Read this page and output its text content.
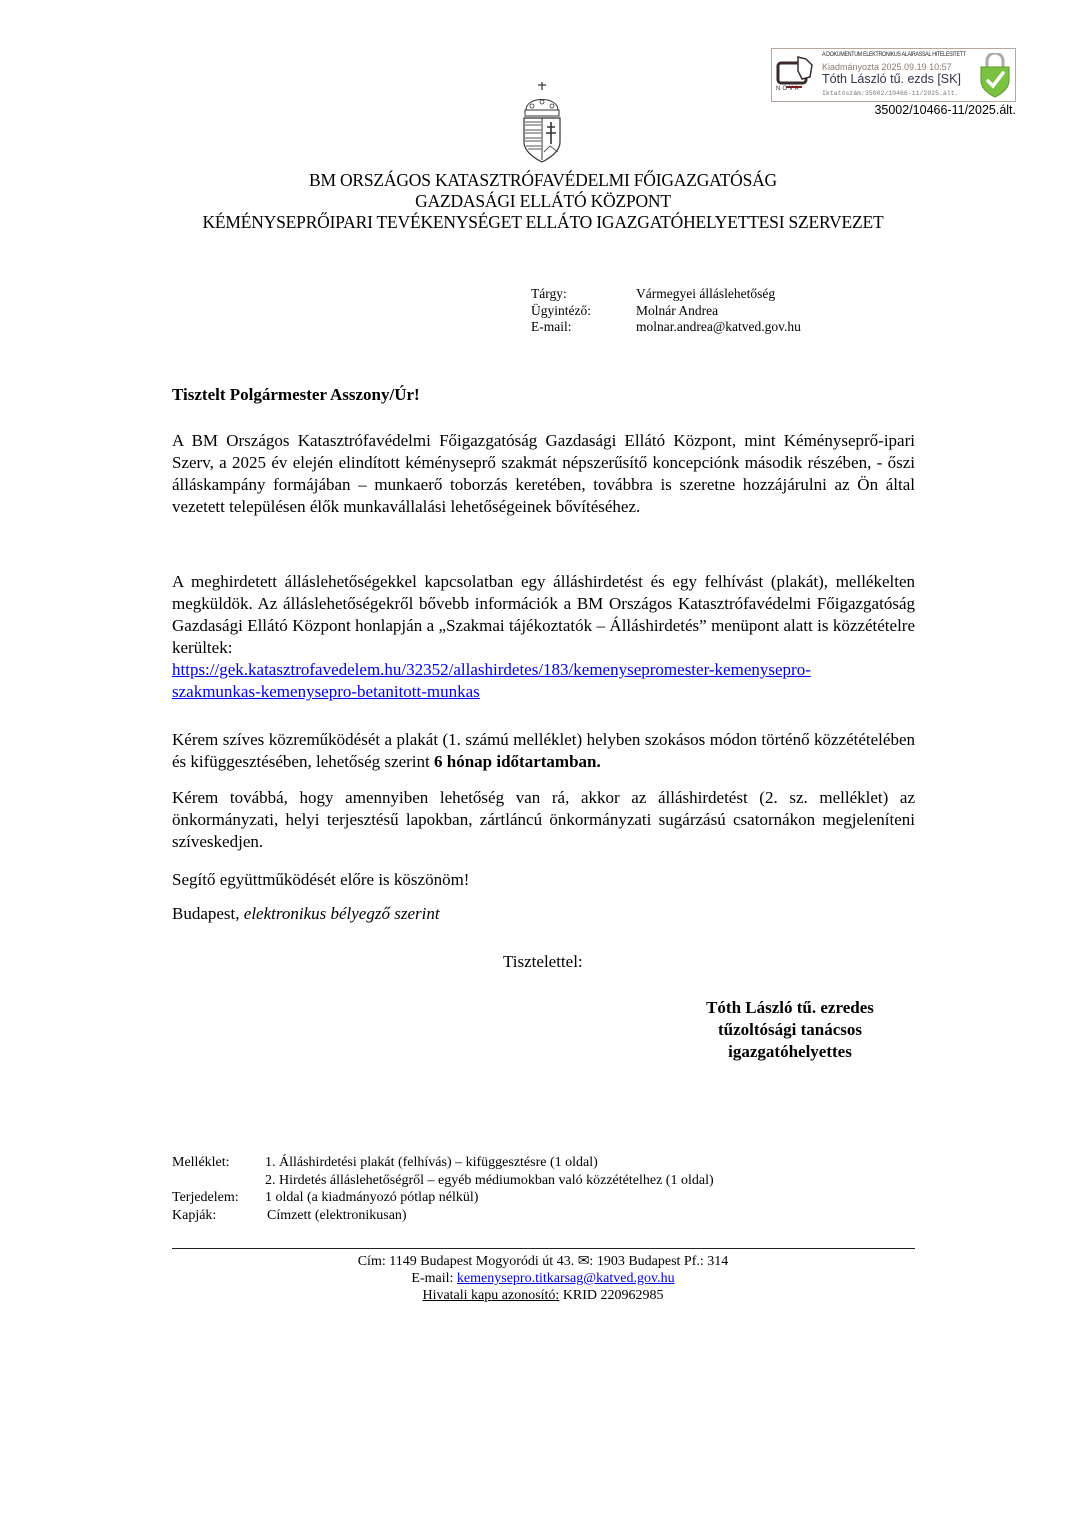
NOVA
A DOKUMENTUM ELEKTRONIKUS ALÁÍRÁSSAL HITELESÍTETT
Kiadmányozta 2025.09.19 10:57
Tóth László tű. ezds [SK]
Iktatószám:35002/10466-11/2025.ált.
35002/10466-11/2025.ált.
BM ORSZÁGOS KATASZTRÓFAVÉDELMI FŐIGAZGATÓSÁG
GAZDASÁGI ELLÁTÓ KÖZPONT
KÉMÉNYSEPRŐIPARI TEVÉKENYSÉGET ELLÁTO IGAZGATÓHELYETTESI SZERVEZET
Tárgy:	Vármegyei álláslehetőség
Ügyintéző:	Molnár Andrea
E-mail:	molnar.andrea@katved.gov.hu
Tisztelt Polgármester Asszony/Úr!
A BM Országos Katasztrófavédelmi Főigazgatóság Gazdasági Ellátó Központ, mint Kéményseprő-ipari Szerv, a 2025 év elején elindított kéményseprő szakmát népszerűsítő koncepciónk második részében, - őszi álláskampány formájában – munkaerő toborzás keretében, továbbra is szeretne hozzájárulni az Ön által vezetett településen élők munkavállalási lehetőségeinek bővítéséhez.
A meghirdetett álláslehetőségekkel kapcsolatban egy álláshirdetést és egy felhívást (plakát), mellékelten megküldök. Az álláslehetőségekről bővebb információk a BM Országos Katasztrófavédelmi Főigazgatóság Gazdasági Ellátó Központ honlapján a „Szakmai tájékoztatók – Álláshirdetés” menüpont alatt is közzétételre kerültek:
https://gek.katasztrofavedelem.hu/32352/allashirdetes/183/kemenysepromester-kemenysepro-
szakmunkas-kemenysepro-betanitott-munkas
Kérem szíves közreműködését a plakát (1. számú melléklet) helyben szokásos módon történő közzétételében és kifüggesztésében, lehetőség szerint 6 hónap időtartamban.
Kérem továbbá, hogy amennyiben lehetőség van rá, akkor az álláshirdetést (2. sz. melléklet) az önkormányzati, helyi terjesztésű lapokban, zártláncú önkormányzati sugárzású csatornákon megjeleníteni szíveskedjen.
Segítő együttműködését előre is köszönöm!
Budapest, elektronikus bélyegző szerint
Tisztelettel:
Tóth László tű. ezredes
tűzoltósági tanácsos
igazgatóhelyettes
Melléklet:	1. Álláshirdetési plakát (felhívás) – kifüggesztésre (1 oldal)
2. Hirdetés álláslehetőségről – egyéb médiumokban való közzétételhez (1 oldal)
Terjedelem:	1 oldal (a kiadmányozó pótlap nélkül)
Kapják:	Címzett (elektronikusan)
Cím: 1149 Budapest Mogyoródi út 43. ✉: 1903 Budapest Pf.: 314
E-mail: kemenysepro.titkarsag@katved.gov.hu
Hivatali kapu azonosító: KRID 220962985
